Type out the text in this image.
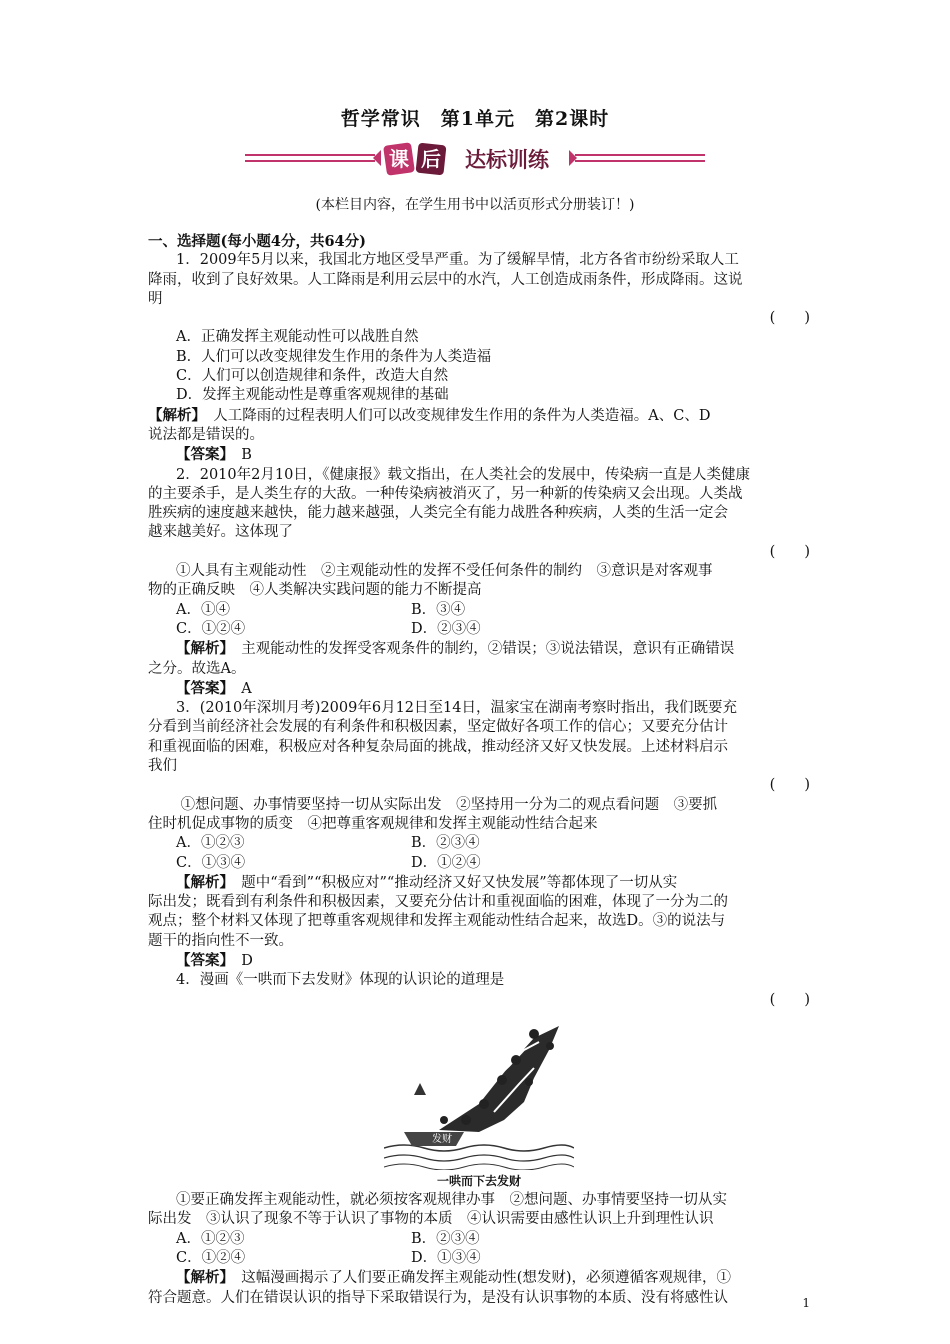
哲学常识　第1单元　第2课时
课 后 达标训练
(本栏目内容，在学生用书中以活页形式分册装订！)
一、选择题(每小题4分，共64分)
1．2009年5月以来，我国北方地区受旱严重。为了缓解旱情，北方各省市纷纷采取人工
降雨，收到了良好效果。人工降雨是利用云层中的水汽，人工创造成雨条件，形成降雨。这说
明
(　　)
A．正确发挥主观能动性可以战胜自然
B．人们可以改变规律发生作用的条件为人类造福
C．人们可以创造规律和条件，改造大自然
D．发挥主观能动性是尊重客观规律的基础
【解析】　人工降雨的过程表明人们可以改变规律发生作用的条件为人类造福。A、C、D
说法都是错误的。
【答案】　 B
2．2010年2月10日，《健康报》载文指出，在人类社会的发展中，传染病一直是人类健康
的主要杀手，是人类生存的大敌。一种传染病被消灭了，另一种新的传染病又会出现。人类战
胜疾病的速度越来越快，能力越来越强，人类完全有能力战胜各种疾病，人类的生活一定会
越来越美好。这体现了
(　　)
①人具有主观能动性　②主观能动性的发挥不受任何条件的制约　③意识是对客观事
物的正确反映　④人类解决实践问题的能力不断提高
A．①④	B．③④
C．①②④	D．②③④
【解析】　主观能动性的发挥受客观条件的制约，②错误；③说法错误，意识有正确错误
之分。故选A。
【答案】　 A
3．(2010年深圳月考)2009年6月12日至14日，温家宝在湖南考察时指出，我们既要充
分看到当前经济社会发展的有利条件和积极因素，坚定做好各项工作的信心；又要充分估计
和重视面临的困难，积极应对各种复杂局面的挑战，推动经济又好又快发展。上述材料启示
我们
(　　)
①想问题、办事情要坚持一切从实际出发　②坚持用一分为二的观点看问题　③要抓
住时机促成事物的质变　④把尊重客观规律和发挥主观能动性结合起来
A．①②③	B．②③④
C．①③④	D．①②④
【解析】　题中“看到”“积极应对”“推动经济又好又快发展”等都体现了一切从实
际出发；既看到有利条件和积极因素，又要充分估计和重视面临的困难，体现了一分为二的
观点；整个材料又体现了把尊重客观规律和发挥主观能动性结合起来，故选D。③的说法与
题干的指向性不一致。
【答案】　 D
4．漫画《一哄而下去发财》体现的认识论的道理是
(　　)
发财
一哄而下去发财
①要正确发挥主观能动性，就必须按客观规律办事　②想问题、办事情要坚持一切从实
际出发　③认识了现象不等于认识了事物的本质　④认识需要由感性认识上升到理性认识
A．①②③	B．②③④
C．①②④	D．①③④
【解析】　这幅漫画揭示了人们要正确发挥主观能动性(想发财)，必须遵循客观规律，①
符合题意。人们在错误认识的指导下采取错误行为，是没有认识事物的本质、没有将感性认	1
